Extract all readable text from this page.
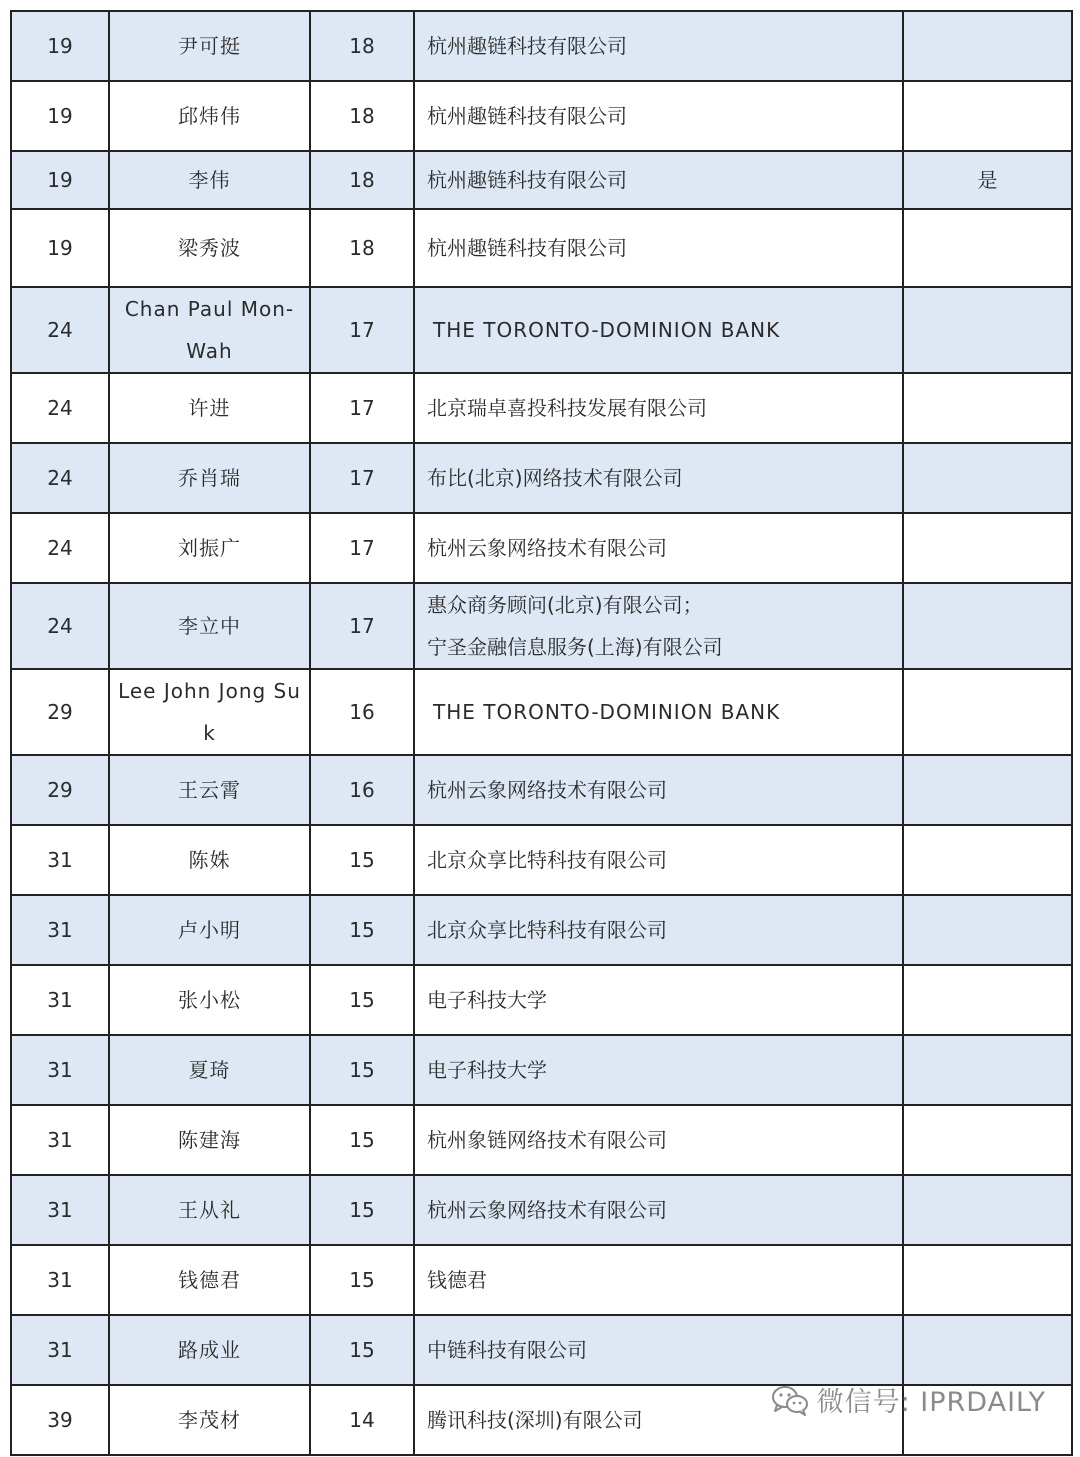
19	尹可挺	18	杭州趣链科技有限公司	

19	邱炜伟	18	杭州趣链科技有限公司	

19	李伟	18	杭州趣链科技有限公司	是
19	梁秀波	18	杭州趣链科技有限公司	

24	Chan Paul Mon-Wah	17	THE TORONTO-DOMINION BANK	

24	许进	17	北京瑞卓喜投科技发展有限公司	

24	乔肖瑞	17	布比(北京)网络技术有限公司	

24	刘振广	17	杭州云象网络技术有限公司	

24	李立中	17	惠众商务顾问(北京)有限公司；
宁圣金融信息服务(上海)有限公司	

29	Lee John Jong Suk	16	THE TORONTO-DOMINION BANK	

29	王云霄	16	杭州云象网络技术有限公司	

31	陈姝	15	北京众享比特科技有限公司	

31	卢小明	15	北京众享比特科技有限公司	

31	张小松	15	电子科技大学	

31	夏琦	15	电子科技大学	

31	陈建海	15	杭州象链网络技术有限公司	

31	王从礼	15	杭州云象网络技术有限公司	

31	钱德君	15	钱德君	

31	路成业	15	中链科技有限公司	

39	李茂材	14	腾讯科技(深圳)有限公司	

微信号: IPRDAILY
